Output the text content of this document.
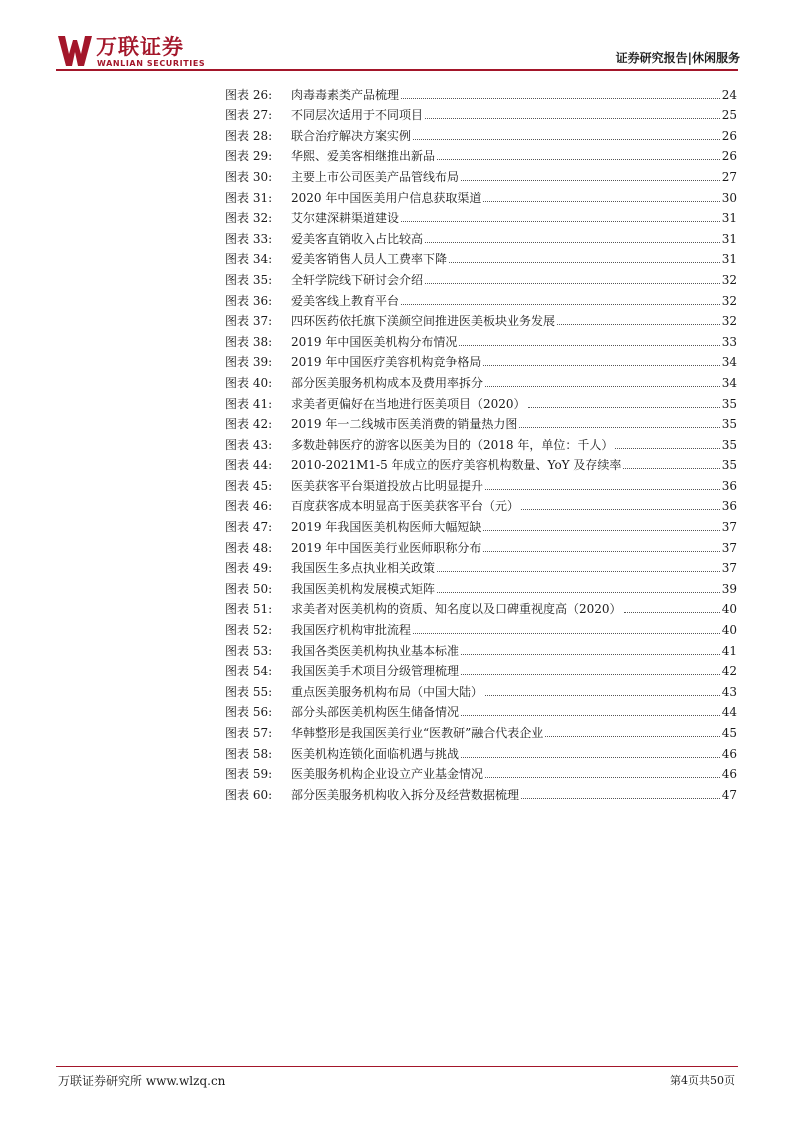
万联证券
WANLIAN SECURITIES	证券研究报告|休闲服务
图表 26:	肉毒毒素类产品梳理	24
图表 27:	不同层次适用于不同项目	25
图表 28:	联合治疗解决方案实例	26
图表 29:	华熙、爱美客相继推出新品	26
图表 30:	主要上市公司医美产品管线布局	27
图表 31:	2020 年中国医美用户信息获取渠道	30
图表 32:	艾尔建深耕渠道建设	31
图表 33:	爱美客直销收入占比较高	31
图表 34:	爱美客销售人员人工费率下降	31
图表 35:	全轩学院线下研讨会介绍	32
图表 36:	爱美客线上教育平台	32
图表 37:	四环医药依托旗下渼颜空间推进医美板块业务发展	32
图表 38:	2019 年中国医美机构分布情况	33
图表 39:	2019 年中国医疗美容机构竞争格局	34
图表 40:	部分医美服务机构成本及费用率拆分	34
图表 41:	求美者更偏好在当地进行医美项目（2020）	35
图表 42:	2019 年一二线城市医美消费的销量热力图	35
图表 43:	多数赴韩医疗的游客以医美为目的（2018 年，单位：千人）	35
图表 44:	2010-2021M1-5 年成立的医疗美容机构数量、YoY 及存续率	35
图表 45:	医美获客平台渠道投放占比明显提升	36
图表 46:	百度获客成本明显高于医美获客平台（元）	36
图表 47:	2019 年我国医美机构医师大幅短缺	37
图表 48:	2019 年中国医美行业医师职称分布	37
图表 49:	我国医生多点执业相关政策	37
图表 50:	我国医美机构发展模式矩阵	39
图表 51:	求美者对医美机构的资质、知名度以及口碑重视度高（2020）	40
图表 52:	我国医疗机构审批流程	40
图表 53:	我国各类医美机构执业基本标准	41
图表 54:	我国医美手术项目分级管理梳理	42
图表 55:	重点医美服务机构布局（中国大陆）	43
图表 56:	部分头部医美机构医生储备情况	44
图表 57:	华韩整形是我国医美行业“医教研”融合代表企业	45
图表 58:	医美机构连锁化面临机遇与挑战	46
图表 59:	医美服务机构企业设立产业基金情况	46
图表 60:	部分医美服务机构收入拆分及经营数据梳理	47
万联证券研究所 www.wlzq.cn	第4页共50页
